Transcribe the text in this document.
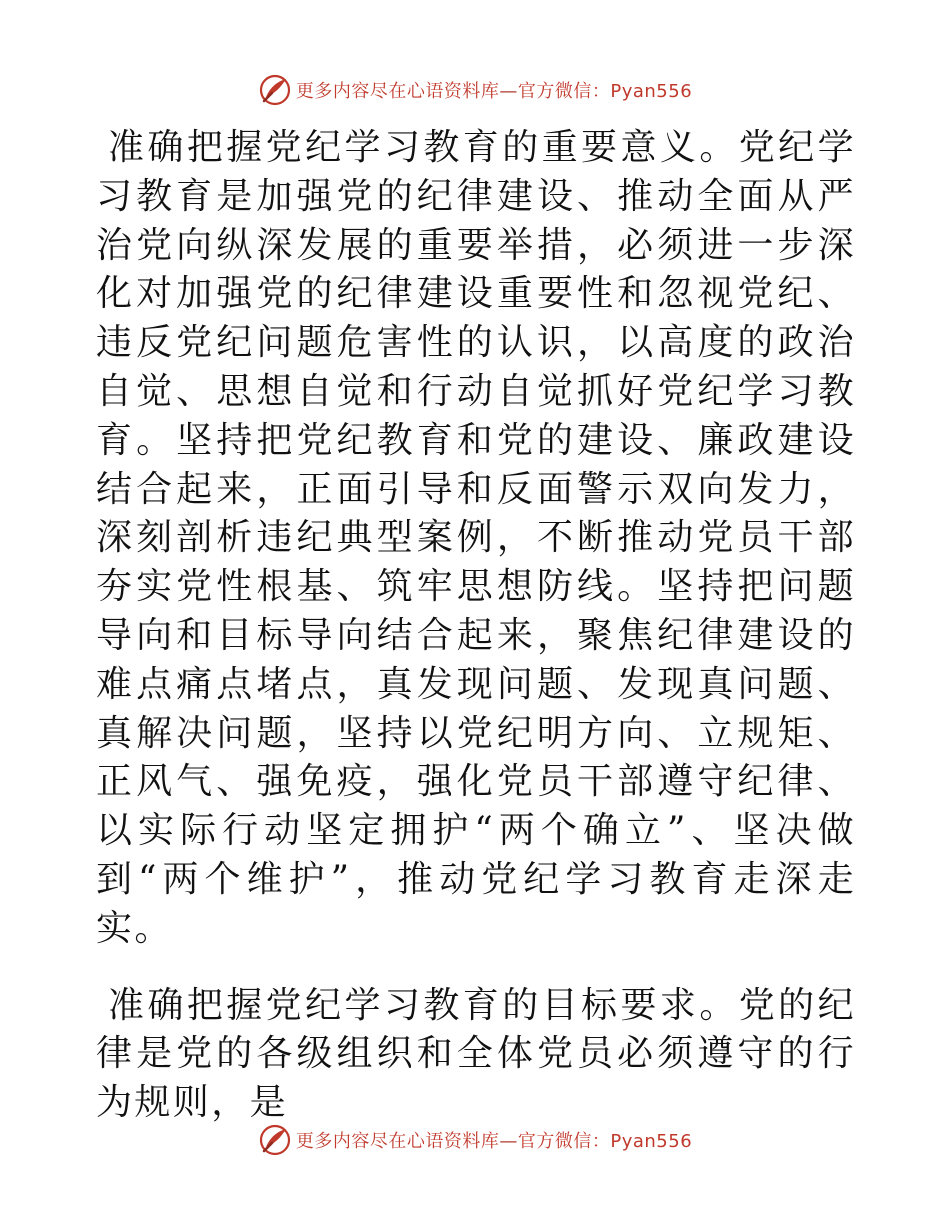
更多内容尽在心语资料库—官方微信：Pyan556

准确把握党纪学习教育的重要意义。党纪学习教育是加强党的纪律建设、推动全面从严治党向纵深发展的重要举措，必须进一步深化对加强党的纪律建设重要性和忽视党纪、违反党纪问题危害性的认识，以高度的政治自觉、思想自觉和行动自觉抓好党纪学习教育。坚持把党纪教育和党的建设、廉政建设结合起来，正面引导和反面警示双向发力，深刻剖析违纪典型案例，不断推动党员干部夯实党性根基、筑牢思想防线。坚持把问题导向和目标导向结合起来，聚焦纪律建设的难点痛点堵点，真发现问题、发现真问题、真解决问题，坚持以党纪明方向、立规矩、正风气、强免疫，强化党员干部遵守纪律、以实际行动坚定拥护“两个确立”、坚决做到“两个维护”，推动党纪学习教育走深走实。

准确把握党纪学习教育的目标要求。党的纪律是党的各级组织和全体党员必须遵守的行为规则，是

更多内容尽在心语资料库—官方微信：Pyan556
